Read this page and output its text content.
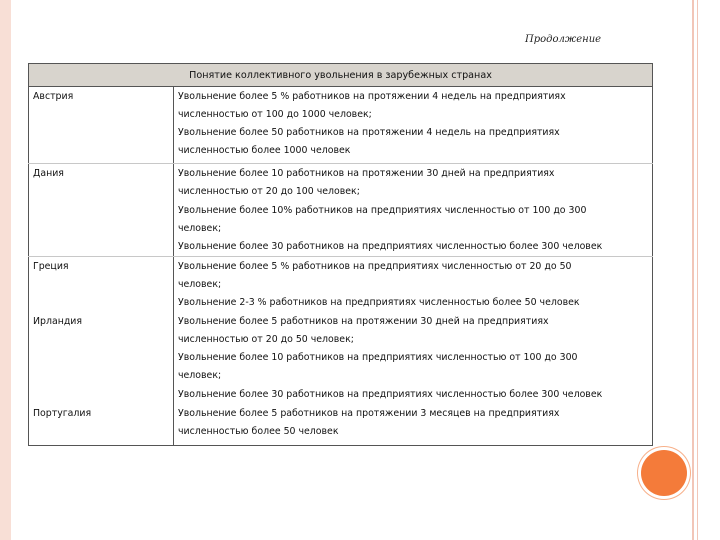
Продолжение
Понятие коллективного увольнения в зарубежных странах	
Австрия	Увольнение более 5 % работников на протяжении 4 недель на предприятиях
численностью от 100 до 1000 человек;
Увольнение более 50 работников на протяжении 4 недель на предприятиях
численностью более 1000 человек

Дания	Увольнение более 10 работников на протяжении 30 дней на предприятиях
численностью от 20 до 100 человек;
Увольнение более 10% работников на предприятиях численностью от 100 до 300
человек;
Увольнение более 30 работников на предприятиях численностью более 300 человек

Греция	Увольнение более 5 % работников на предприятиях численностью от 20 до 50
человек;
Увольнение 2-3 % работников на предприятиях численностью более 50 человек

Ирландия	Увольнение более 5 работников на протяжении 30 дней на предприятиях
численностью от 20 до 50 человек;
Увольнение более 10 работников на предприятиях численностью от 100 до 300
человек;
Увольнение более 30 работников на предприятиях численностью более 300 человек

Португалия	Увольнение более 5 работников на протяжении 3 месяцев на предприятиях
численностью более 50 человек
